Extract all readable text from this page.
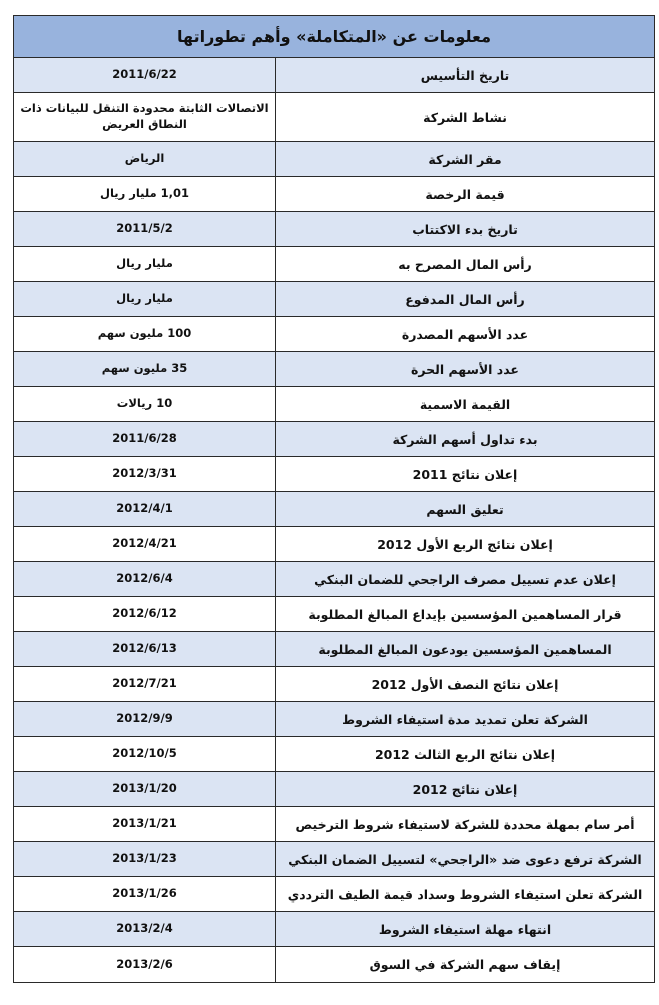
معلومات عن «المتكاملة» وأهم تطوراتها
تاريخ التأسيس
2011/6/22
نشاط الشركة
الاتصالات الثابتة محدودة التنقل للبيانات ذات النطاق العريض
مقر الشركة
الرياض
قيمة الرخصة
1,01 مليار ريال
تاريخ بدء الاكتتاب
2011/5/2
رأس المال المصرح به
مليار ريال
رأس المال المدفوع
مليار ريال
عدد الأسهم المصدرة
100 مليون سهم
عدد الأسهم الحرة
35 مليون سهم
القيمة الاسمية
10 ريالات
بدء تداول أسهم الشركة
2011/6/28
إعلان نتائج 2011
2012/3/31
تعليق السهم
2012/4/1
إعلان نتائج الربع الأول 2012
2012/4/21
إعلان عدم تسييل مصرف الراجحي للضمان البنكي
2012/6/4
قرار المساهمين المؤسسين بإيداع المبالغ المطلوبة
2012/6/12
المساهمين المؤسسين يودعون المبالغ المطلوبة
2012/6/13
إعلان نتائج النصف الأول 2012
2012/7/21
الشركة تعلن تمديد مدة استيفاء الشروط
2012/9/9
إعلان نتائج الربع الثالث 2012
2012/10/5
إعلان نتائج 2012
2013/1/20
أمر سام بمهلة محددة للشركة لاستيفاء شروط الترخيص
2013/1/21
الشركة ترفع دعوى ضد «الراجحي» لتسييل الضمان البنكي
2013/1/23
الشركة تعلن استيفاء الشروط وسداد قيمة الطيف الترددي
2013/1/26
انتهاء مهلة استيفاء الشروط
2013/2/4
إيقاف سهم الشركة في السوق
2013/2/6
